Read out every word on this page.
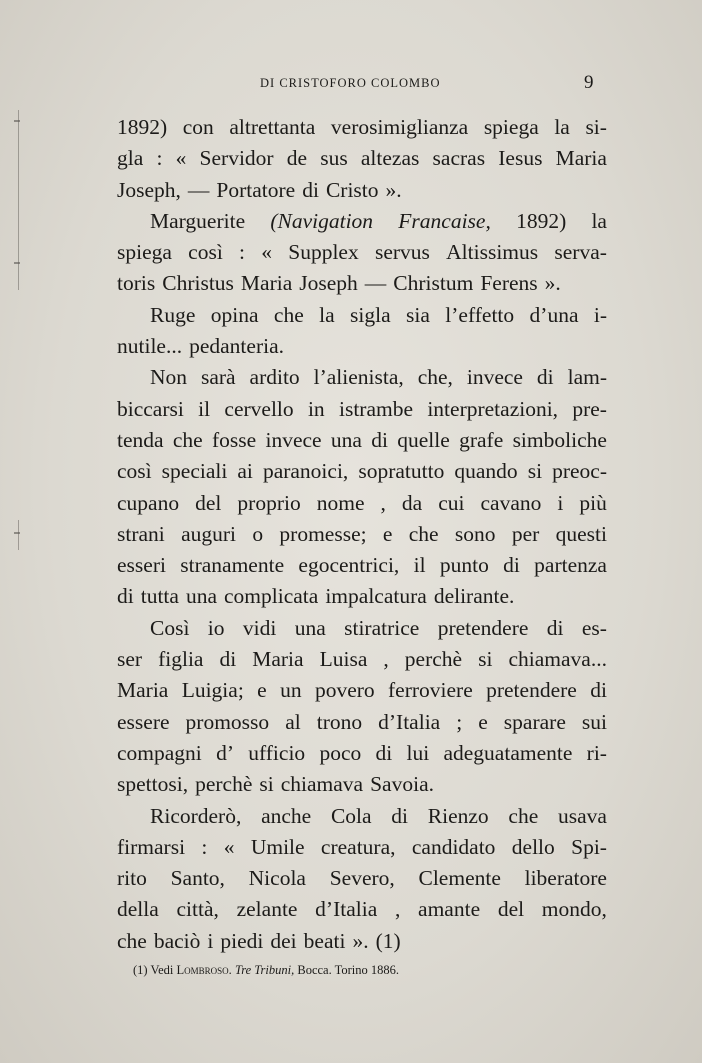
DI CRISTOFORO COLOMBO	9
1892) con altrettanta verosimiglianza spiega la si-
gla : « Servidor de sus altezas sacras Iesus Maria
Joseph, — Portatore di Cristo ».
Marguerite (Navigation Francaise, 1892) la
spiega così : « Supplex servus Altissimus serva-
toris Christus Maria Joseph — Christum Ferens ».
Ruge opina che la sigla sia l’effetto d’una i-
nutile... pedanteria.
Non sarà ardito l’alienista, che, invece di lam-
biccarsi il cervello in istrambe interpretazioni, pre-
tenda che fosse invece una di quelle grafe simboliche
così speciali ai paranoici, sopratutto quando si preoc-
cupano del proprio nome , da cui cavano i più
strani auguri o promesse; e che sono per questi
esseri stranamente egocentrici, il punto di partenza
di tutta una complicata impalcatura delirante.
Così io vidi una stiratrice pretendere di es-
ser figlia di Maria Luisa , perchè si chiamava...
Maria Luigia; e un povero ferroviere pretendere di
essere promosso al trono d’Italia ; e sparare sui
compagni d’ ufficio poco di lui adeguatamente ri-
spettosi, perchè si chiamava Savoia.
Ricorderò, anche Cola di Rienzo che usava
firmarsi : « Umile creatura, candidato dello Spi-
rito Santo, Nicola Severo, Clemente liberatore
della città, zelante d’Italia , amante del mondo,
che baciò i piedi dei beati ». (1)
(1) Vedi Lombroso. Tre Tribuni, Bocca. Torino 1886.
